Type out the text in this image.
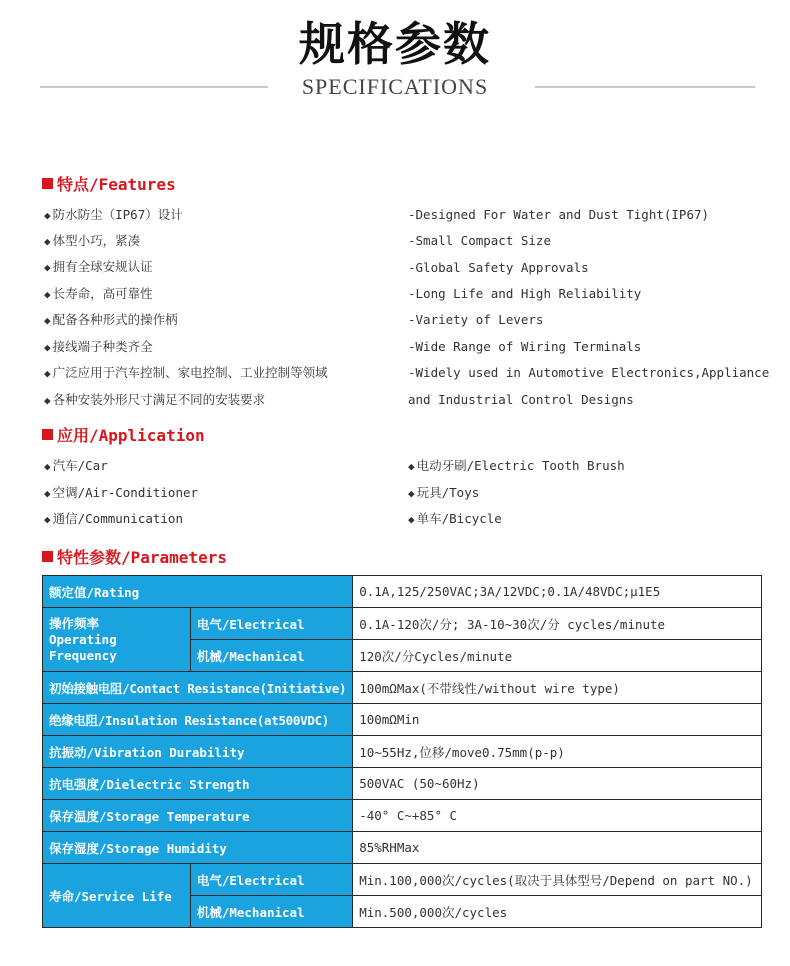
规格参数
SPECIFICATIONS
特点/Features
◆ 防水防尘（IP67）设计
◆ 体型小巧，紧凑
◆ 拥有全球安规认证
◆ 长寿命，高可靠性
◆ 配备各种形式的操作柄
◆ 接线端子种类齐全
◆ 广泛应用于汽车控制、家电控制、工业控制等领域
◆ 各种安装外形尺寸满足不同的安装要求
-Designed For Water and Dust Tight(IP67)
-Small Compact Size
-Global Safety Approvals
-Long Life and High Reliability
-Variety of Levers
-Wide Range of Wiring Terminals
-Widely used in Automotive Electronics,Appliance
and Industrial Control Designs
应用/Application
◆ 汽车/Car
◆ 空调/Air-Conditioner
◆ 通信/Communication
◆ 电动牙刷/Electric Tooth Brush
◆ 玩具/Toys
◆ 单车/Bicycle
特性参数/Parameters
额定值/Rating		0.1A,125/250VAC;3A/12VDC;0.1A/48VDC;μ1E5

操作频率
Operating Frequency	电气/Electrical	0.1A-120次/分; 3A-10~30次/分 cycles/minute
	机械/Mechanical	120次/分Cycles/minute
初始接触电阻/Contact Resistance(Initiative)		100mΩMax(不带线性/without wire type)
绝缘电阻/Insulation Resistance(at500VDC)		100mΩMin
抗振动/Vibration Durability		10~55Hz,位移/move0.75mm(p-p)
抗电强度/Dielectric Strength		500VAC (50~60Hz)
保存温度/Storage Temperature		-40° C~+85° C
保存湿度/Storage Humidity		85%RHMax
寿命/Service Life	电气/Electrical	Min.100,000次/cycles(取决于具体型号/Depend on part NO.)
	机械/Mechanical	Min.500,000次/cycles
